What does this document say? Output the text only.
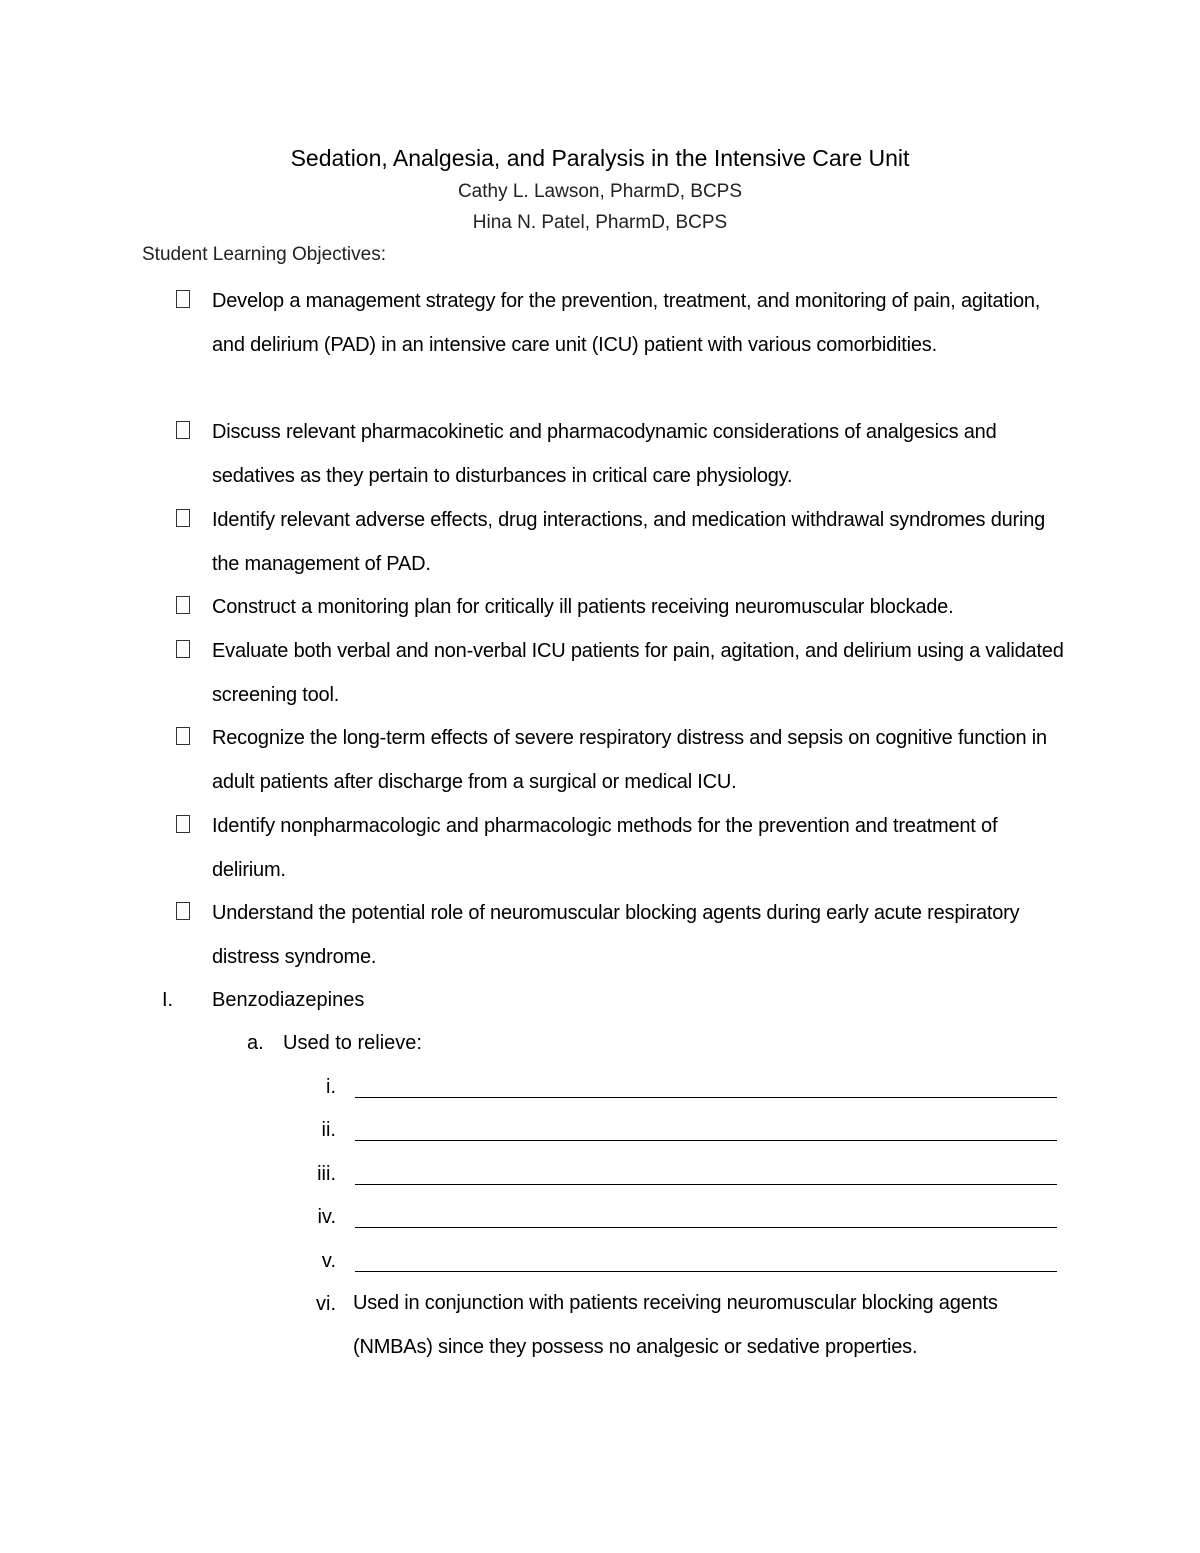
Sedation, Analgesia, and Paralysis in the Intensive Care Unit
Cathy L. Lawson, PharmD, BCPS
Hina N. Patel, PharmD, BCPS
Student Learning Objectives:
Develop a management strategy for the prevention, treatment, and monitoring of pain, agitation, and delirium (PAD) in an intensive care unit (ICU) patient with various comorbidities.
Discuss relevant pharmacokinetic and pharmacodynamic considerations of analgesics and sedatives as they pertain to disturbances in critical care physiology.
Identify relevant adverse effects, drug interactions, and medication withdrawal syndromes during the management of PAD.
Construct a monitoring plan for critically ill patients receiving neuromuscular blockade.
Evaluate both verbal and non-verbal ICU patients for pain, agitation, and delirium using a validated screening tool.
Recognize the long-term effects of severe respiratory distress and sepsis on cognitive function in adult patients after discharge from a surgical or medical ICU.
Identify nonpharmacologic and pharmacologic methods for the prevention and treatment of delirium.
Understand the potential role of neuromuscular blocking agents during early acute respiratory distress syndrome.
I. Benzodiazepines
a. Used to relieve:
i.
ii.
iii.
iv.
v.
vi. Used in conjunction with patients receiving neuromuscular blocking agents (NMBAs) since they possess no analgesic or sedative properties.
